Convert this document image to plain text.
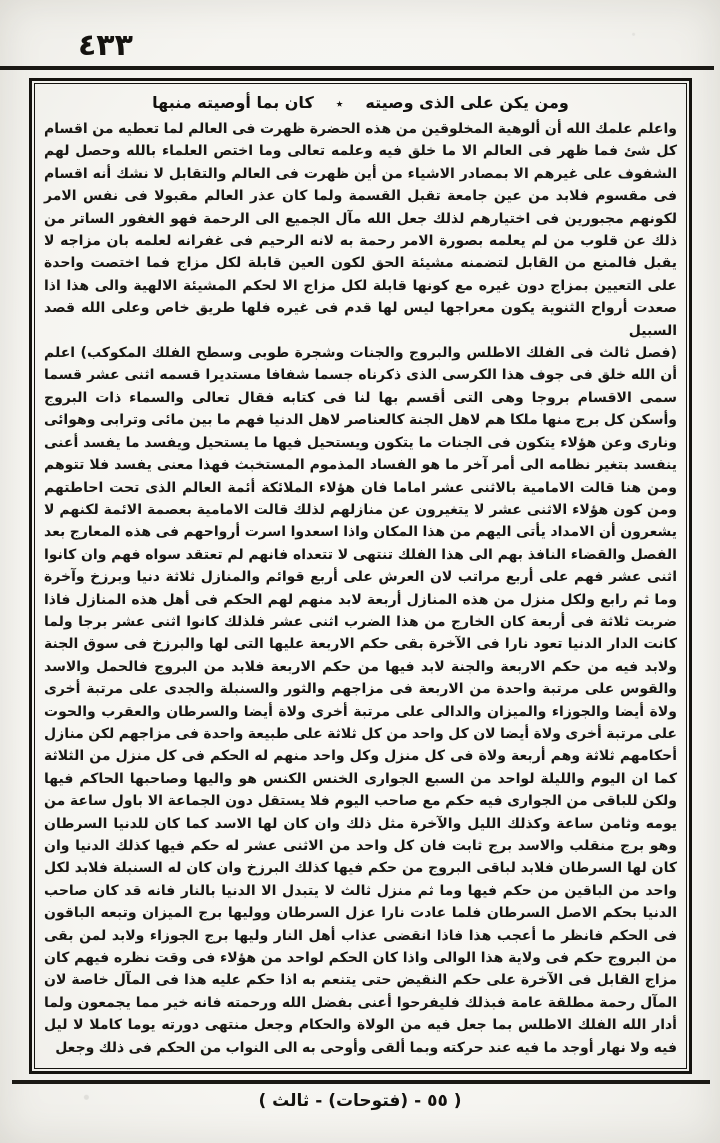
٤٣٣
ومن يكن على الذى وصيته٭كان بما أوصيته منبها
واعلم علمك الله أن ألوهية المخلوقين من هذه الحضرة ظهرت فى العالم لما تعطيه من اقسام كل شئ فما ظهر فى العالم الا ما خلق فيه وعلمه تعالى وما اختص العلماء بالله وحصل لهم الشفوف على غيرهم الا بمصادر الاشياء من أين ظهرت فى العالم والتقابل لا نشك أنه اقسام فى مقسوم فلابد من عين جامعة تقبل القسمة ولما كان عذر العالم مقبولا فى نفس الامر لكونهم مجبورين فى اختيارهم لذلك جعل الله مآل الجميع الى الرحمة فهو الغفور الساتر من ذلك عن قلوب من لم يعلمه بصورة الامر رحمة به لانه الرحيم فى غفرانه لعلمه بان مزاجه لا يقبل فالمنع من القابل لتضمنه مشيئة الحق لكون العين قابلة لكل مزاج فما اختصت واحدة على التعيين بمزاج دون غيره مع كونها قابلة لكل مزاج الا لحكم المشيئة الالهية والى هذا اذا صعدت أرواح الثنوية يكون معراجها ليس لها قدم فى غيره فلها طريق خاص وعلى الله قصد السبيل
(فصل ثالث فى الفلك الاطلس والبروج والجنات وشجرة طوبى وسطح الفلك المكوكب) اعلم أن الله خلق فى جوف هذا الكرسى الذى ذكرناه جسما شفافا مستديرا قسمه اثنى عشر قسما سمى الاقسام بروجا وهى التى أقسم بها لنا فى كتابه فقال تعالى والسماء ذات البروج وأسكن كل برج منها ملكا هم لاهل الجنة كالعناصر لاهل الدنيا فهم ما بين مائى وترابى وهوائى ونارى وعن هؤلاء يتكون فى الجنات ما يتكون ويستحيل فيها ما يستحيل ويفسد ما يفسد أعنى ينفسد بتغير نظامه الى أمر آخر ما هو الفساد المذموم المستخبث فهذا معنى يفسد فلا تتوهم ومن هنا قالت الامامية بالاثنى عشر اماما فان هؤلاء الملائكة أئمة العالم الذى تحت احاطتهم ومن كون هؤلاء الاثنى عشر لا يتغيرون عن منازلهم لذلك قالت الامامية بعصمة الائمة لكنهم لا يشعرون أن الامداد يأتى اليهم من هذا المكان واذا اسعدوا اسرت أرواحهم فى هذه المعارج بعد الفصل والقضاء النافذ بهم الى هذا الفلك تنتهى لا تتعداه فانهم لم تعتقد سواه فهم وان كانوا اثنى عشر فهم على أربع مراتب لان العرش على أربع قوائم والمنازل ثلاثة دنيا وبرزخ وآخرة وما ثم رابع ولكل منزل من هذه المنازل أربعة لابد منهم لهم الحكم فى أهل هذه المنازل فاذا ضربت ثلاثة فى أربعة كان الخارج من هذا الضرب اثنى عشر فلذلك كانوا اثنى عشر برجا ولما كانت الدار الدنيا تعود نارا فى الآخرة بقى حكم الاربعة عليها التى لها والبرزخ فى سوق الجنة ولابد فيه من حكم الاربعة والجنة لابد فيها من حكم الاربعة فلابد من البروج فالحمل والاسد والقوس على مرتبة واحدة من الاربعة فى مزاجهم والثور والسنبلة والجدى على مرتبة أخرى ولاة أيضا والجوزاء والميزان والدالى على مرتبة أخرى ولاة أيضا والسرطان والعقرب والحوت على مرتبة أخرى ولاة أيضا لان كل واحد من كل ثلاثة على طبيعة واحدة فى مزاجهم لكن منازل أحكامهم ثلاثة وهم أربعة ولاة فى كل منزل وكل واحد منهم له الحكم فى كل منزل من الثلاثة كما ان اليوم والليلة لواحد من السبع الجوارى الخنس الكنس هو واليها وصاحبها الحاكم فيها ولكن للباقى من الجوارى فيه حكم مع صاحب اليوم فلا يستقل دون الجماعة الا باول ساعة من يومه وثامن ساعة وكذلك الليل والآخرة مثل ذلك وان كان لها الاسد كما كان للدنيا السرطان وهو برج منقلب والاسد برج ثابت فان كل واحد من الاثنى عشر له حكم فيها كذلك الدنيا وان كان لها السرطان فلابد لباقى البروج من حكم فيها كذلك البرزخ وان كان له السنبلة فلابد لكل واحد من الباقين من حكم فيها وما ثم منزل ثالث لا يتبدل الا الدنيا بالنار فانه قد كان صاحب الدنيا بحكم الاصل السرطان فلما عادت نارا عزل السرطان ووليها برج الميزان وتبعه الباقون فى الحكم فانظر ما أعجب هذا فاذا انقضى عذاب أهل النار وليها برج الجوزاء ولابد لمن بقى من البروج حكم فى ولاية هذا الوالى واذا كان الحكم لواحد من هؤلاء فى وقت نظره فيهم كان مزاج القابل فى الآخرة على حكم النقيض حتى يتنعم به اذا حكم عليه هذا فى المآل خاصة لان المآل رحمة مطلقة عامة فبذلك فليفرحوا أعنى بفضل الله ورحمته فانه خير مما يجمعون ولما أدار الله الفلك الاطلس بما جعل فيه من الولاة والحكام وجعل منتهى دورته يوما كاملا لا ليل فيه ولا نهار أوجد ما فيه عند حركته وبما ألقى وأوحى به الى النواب من الحكم فى ذلك وجعل
( ٥٥ - (فتوحات) - ثالث )
